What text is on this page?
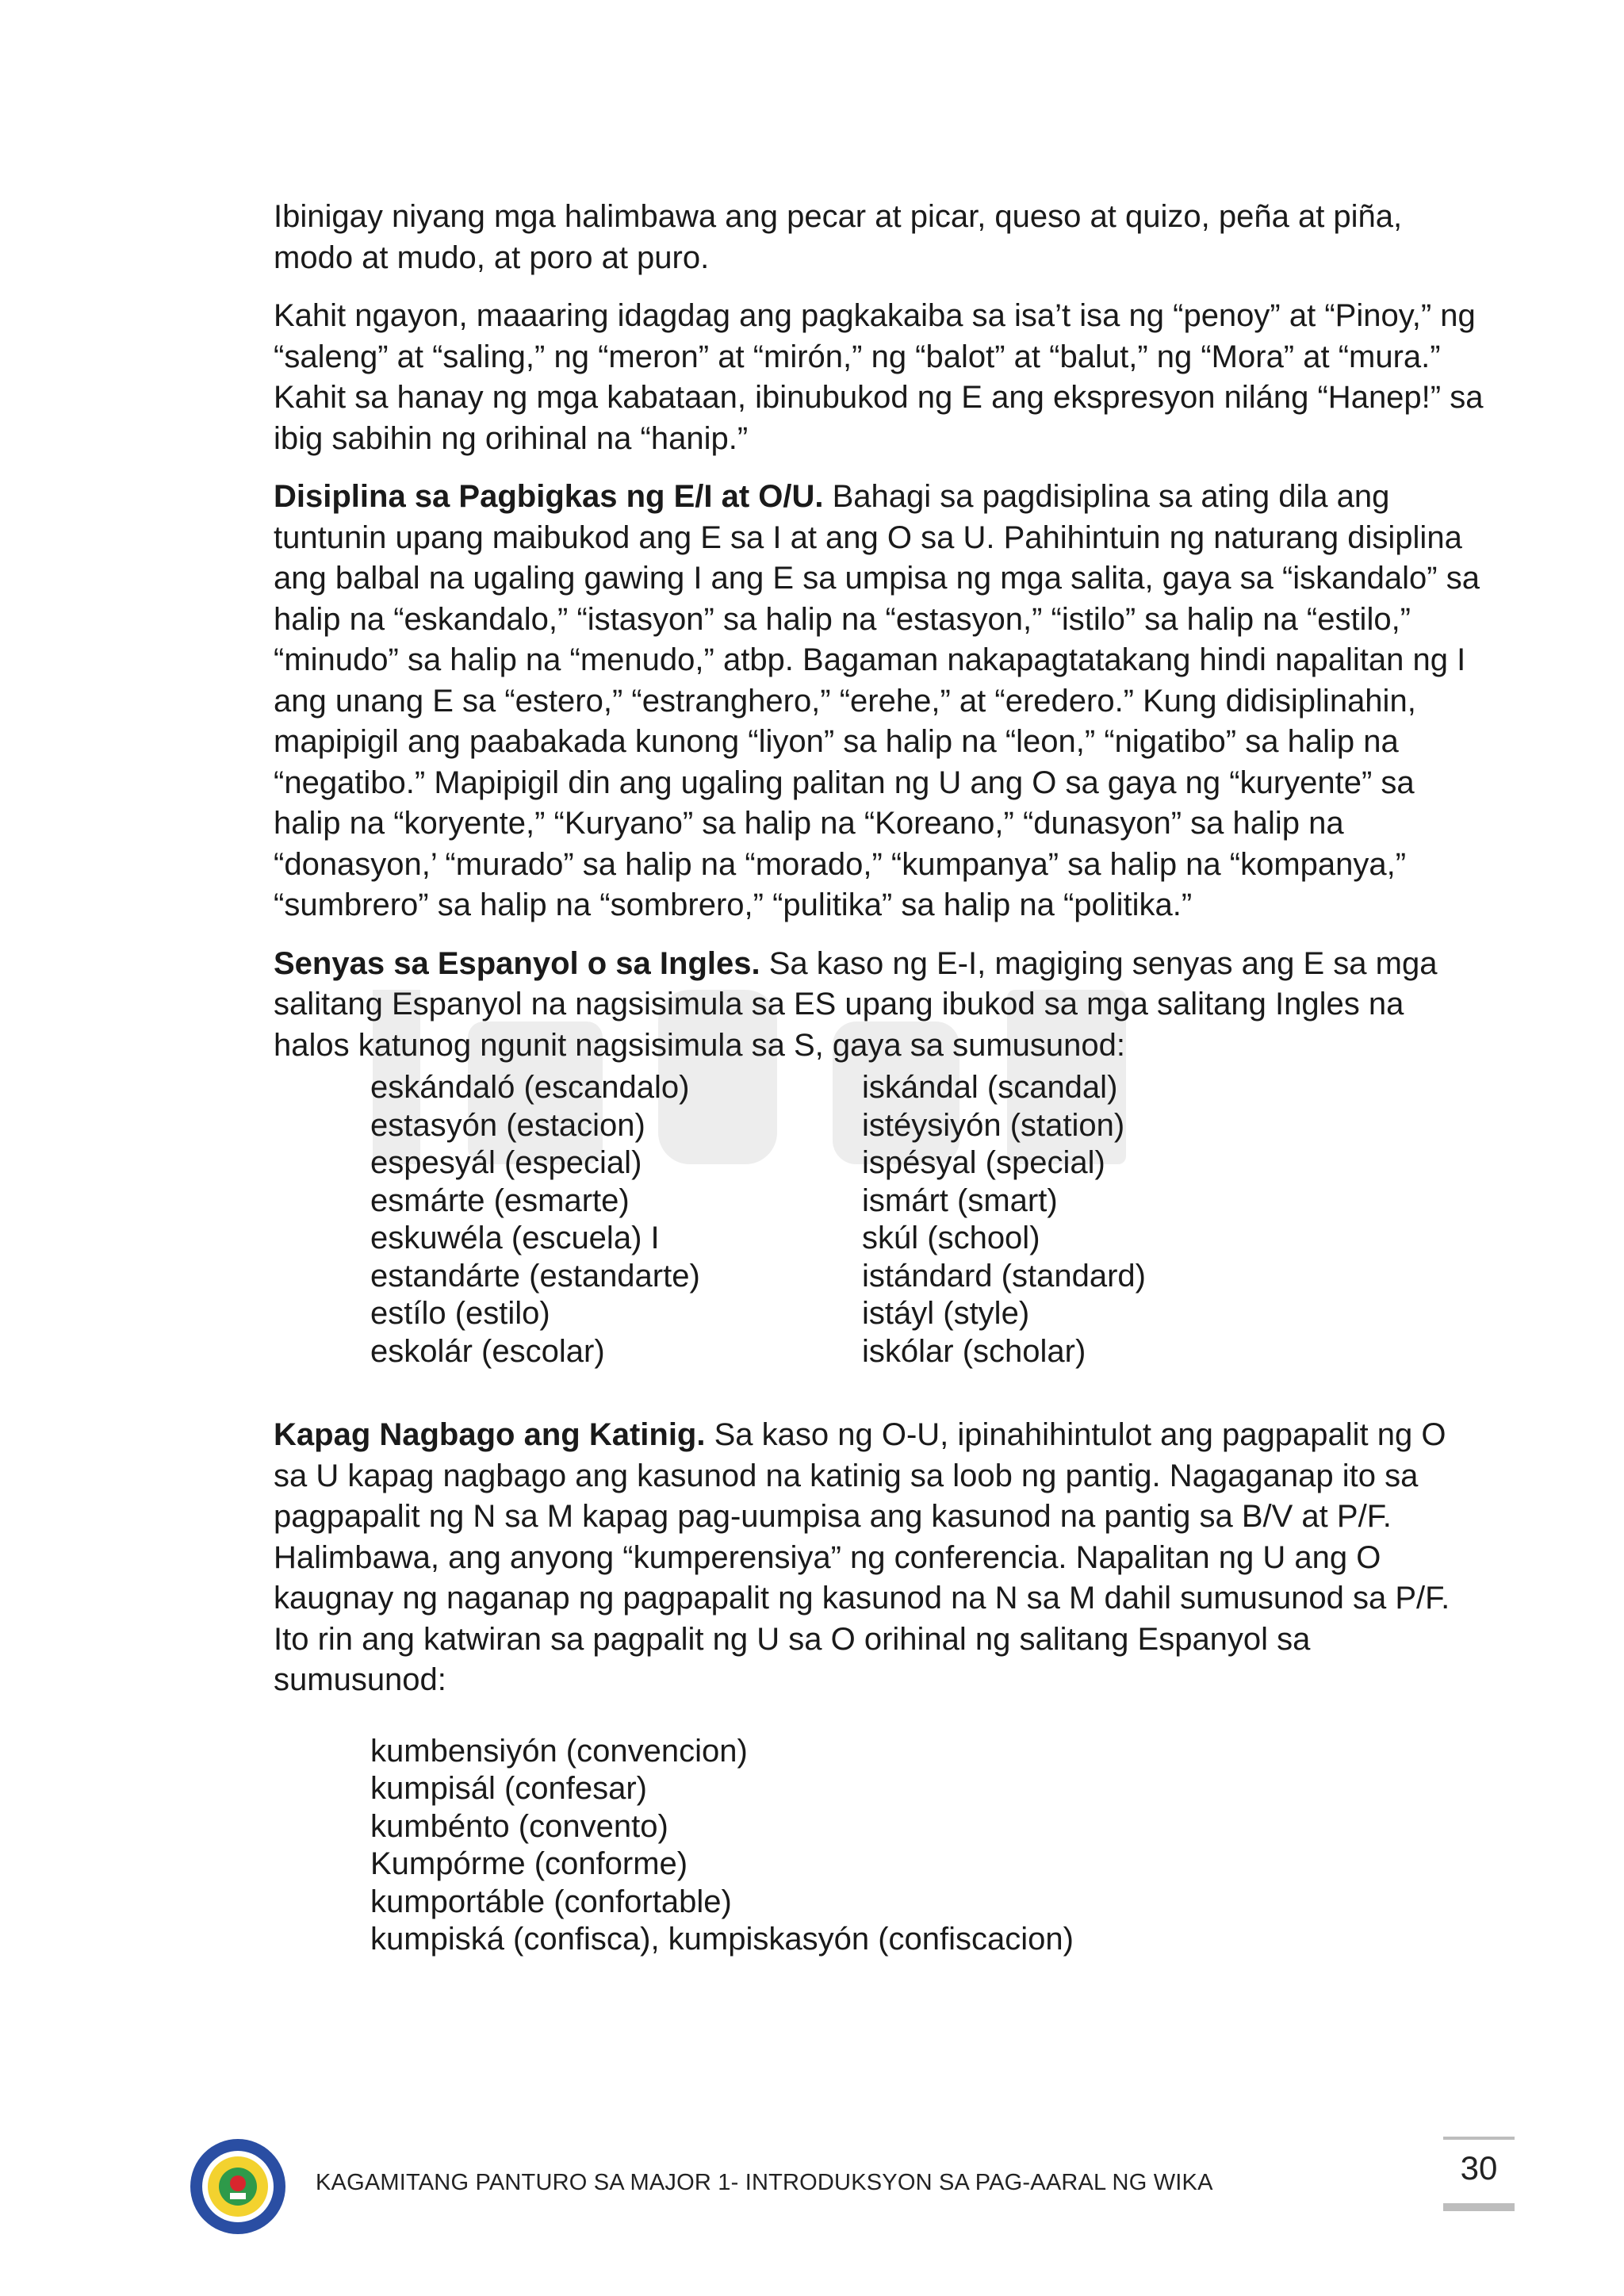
Ibinigay niyang mga halimbawa ang pecar at picar, queso at quizo, peña at piña, modo at mudo, at poro at puro.

Kahit ngayon, maaaring idagdag ang pagkakaiba sa isa’t isa ng “penoy” at “Pinoy,” ng “saleng” at “saling,” ng “meron” at “mirón,” ng “balot” at “balut,” ng “Mora” at “mura.” Kahit sa hanay ng mga kabataan, ibinubukod ng E ang ekspresyon niláng “Hanep!” sa ibig sabihin ng orihinal na “hanip.”

Disiplina sa Pagbigkas ng E/I at O/U. Bahagi sa pagdisiplina sa ating dila ang tuntunin upang maibukod ang E sa I at ang O sa U. Pahihintuin ng naturang disiplina ang balbal na ugaling gawing I ang E sa umpisa ng mga salita, gaya sa “iskandalo” sa halip na “eskandalo,” “istasyon” sa halip na “estasyon,” “istilo” sa halip na “estilo,” “minudo” sa halip na “menudo,” atbp. Bagaman nakapagtatakang hindi napalitan ng I ang unang E sa “estero,” “estranghero,” “erehe,” at “eredero.” Kung didisiplinahin, mapipigil ang paabakada kunong “liyon” sa halip na “leon,” “nigatibo” sa halip na “negatibo.” Mapipigil din ang ugaling palitan ng U ang O sa gaya ng “kuryente” sa halip na “koryente,” “Kuryano” sa halip na “Koreano,” “dunasyon” sa halip na “donasyon,’ “murado” sa halip na “morado,” “kumpanya” sa halip na “kompanya,” “sumbrero” sa halip na “sombrero,” “pulitika” sa halip na “politika.”

Senyas sa Espanyol o sa Ingles. Sa kaso ng E-I, magiging senyas ang E sa mga salitang Espanyol na nagsisimula sa ES upang ibukod sa mga salitang Ingles na halos katunog ngunit nagsisimula sa S, gaya sa sumusunod:

eskándaló (escandalo)	iskándal (scandal)
estasyón (estacion)	istéysiyón (station)
espesyál (especial)	ispésyal (special)
esmárte (esmarte)	ismárt (smart)
eskuwéla (escuela) I	skúl (school)
estandárte (estandarte)	istándard (standard)
estílo (estilo)	istáyl (style)
eskolár (escolar)	iskólar (scholar)

Kapag Nagbago ang Katinig. Sa kaso ng O-U, ipinahihintulot ang pagpapalit ng O sa U kapag nagbago ang kasunod na katinig sa loob ng pantig. Nagaganap ito sa pagpapalit ng N sa M kapag pag-uumpisa ang kasunod na pantig sa B/V at P/F. Halimbawa, ang anyong “kumperensiya” ng conferencia. Napalitan ng U ang O kaugnay ng naganap ng pagpapalit ng kasunod na N sa M dahil sumusunod sa P/F. Ito rin ang katwiran sa pagpalit ng U sa O orihinal ng salitang Espanyol sa sumusunod:

kumbensiyón (convencion)
kumpisál (confesar)
kumbénto (convento)
Kumpórme (conforme)
kumportáble (confortable)
kumpiská (confisca), kumpiskasyón (confiscacion)
KAGAMITANG PANTURO SA MAJOR 1- INTRODUKSYON SA PAG-AARAL NG WIKA	30
